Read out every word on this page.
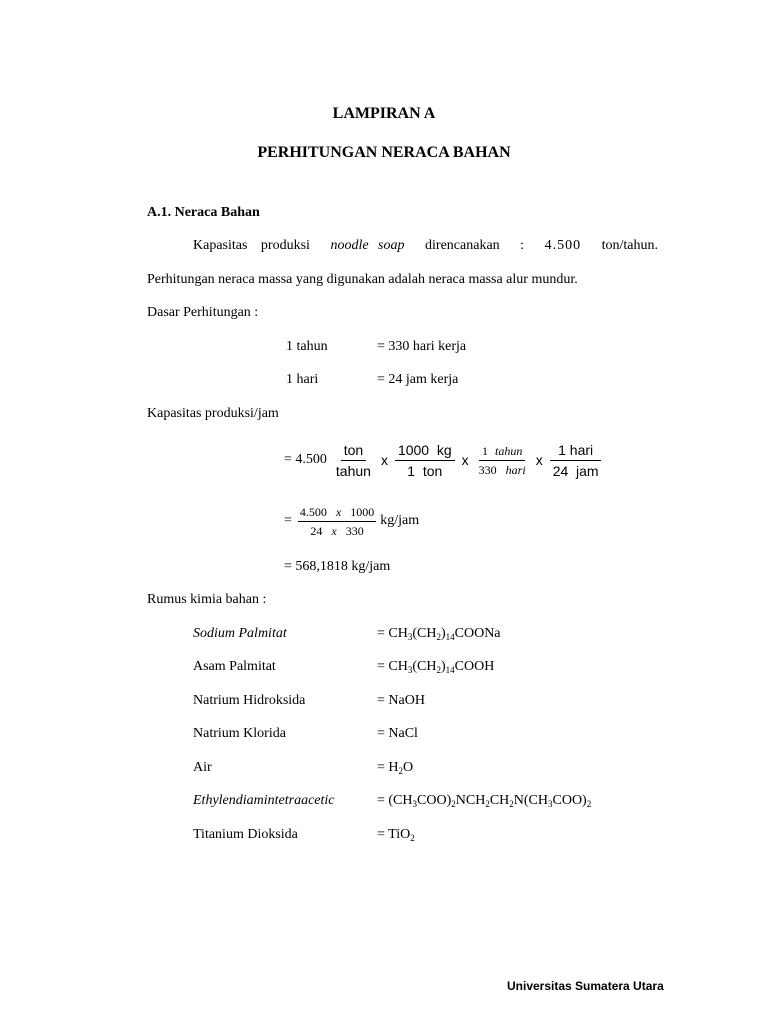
LAMPIRAN A
PERHITUNGAN NERACA BAHAN
A.1. Neraca Bahan
Kapasitas produksi noodle soap direncanakan : 4.500 ton/tahun.
Perhitungan neraca massa yang digunakan adalah neraca massa alur mundur.
Dasar Perhitungan :
1 tahun	= 330 hari kerja
1 hari	= 24 jam kerja
Kapasitas produksi/jam
= $4.500 \frac{\text{ton}}{\text{tahun}}$ x $\frac{1000 kg}{\text{1  ton}}$ x $\frac{\text{1 tahun}}{\text{330 hari}}$ x $\frac{\text{1 hari}}{\text{24  jam}}$
= $\frac{4.500 x 1000}{24 x 330} kg/jam$
= 568,1818 kg/jam
Rumus kimia bahan :
Sodium Palmitat	= $CH_3(CH_2)_{14}COONa$
Asam Palmitat	= $CH_3(CH_2)_{14}COOH$
Natrium Hidroksida	= NaOH
Natrium Klorida	= NaCl
Air	= $H_2O$
Ethylendiamintetraacetic	= $(CH_3COO)_2NCH_2CH_2N(CH_3COO)_2$
Titanium Dioksida	= TiO$_2$
Universitas Sumatera Utara
